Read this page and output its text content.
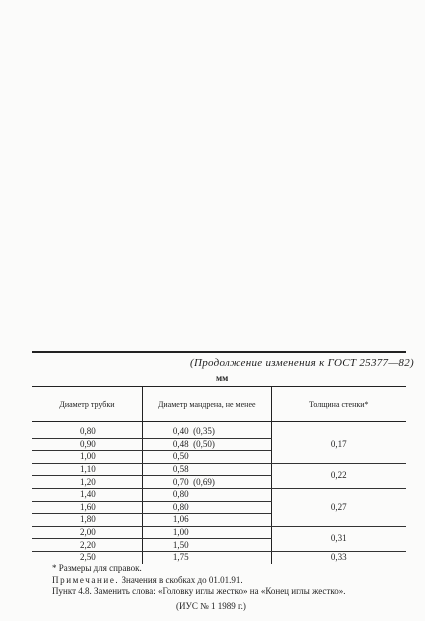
(Продолжение изменения к ГОСТ 25377—82)
мм
Диаметр трубки	Диаметр мандрена, не менее	Толщина стенки*
0,80	0,40  (0,35)	0,17
0,90	0,48  (0,50)	
1,00	0,50	
1,10	0,58	0,22
1,20	0,70  (0,69)	
1,40	0,80	0,27
1,60	0,80	
1,80	1,06	
2,00	1,00	0,31
2,20	1,50	
2,50	1,75	0,33
* Размеры для справок.
Примечание. Значения в скобках до 01.01.91.
Пункт 4.8. Заменить слова: «Головку иглы жестко» на «Конец иглы жестко».
(ИУС № 1 1989 г.)
